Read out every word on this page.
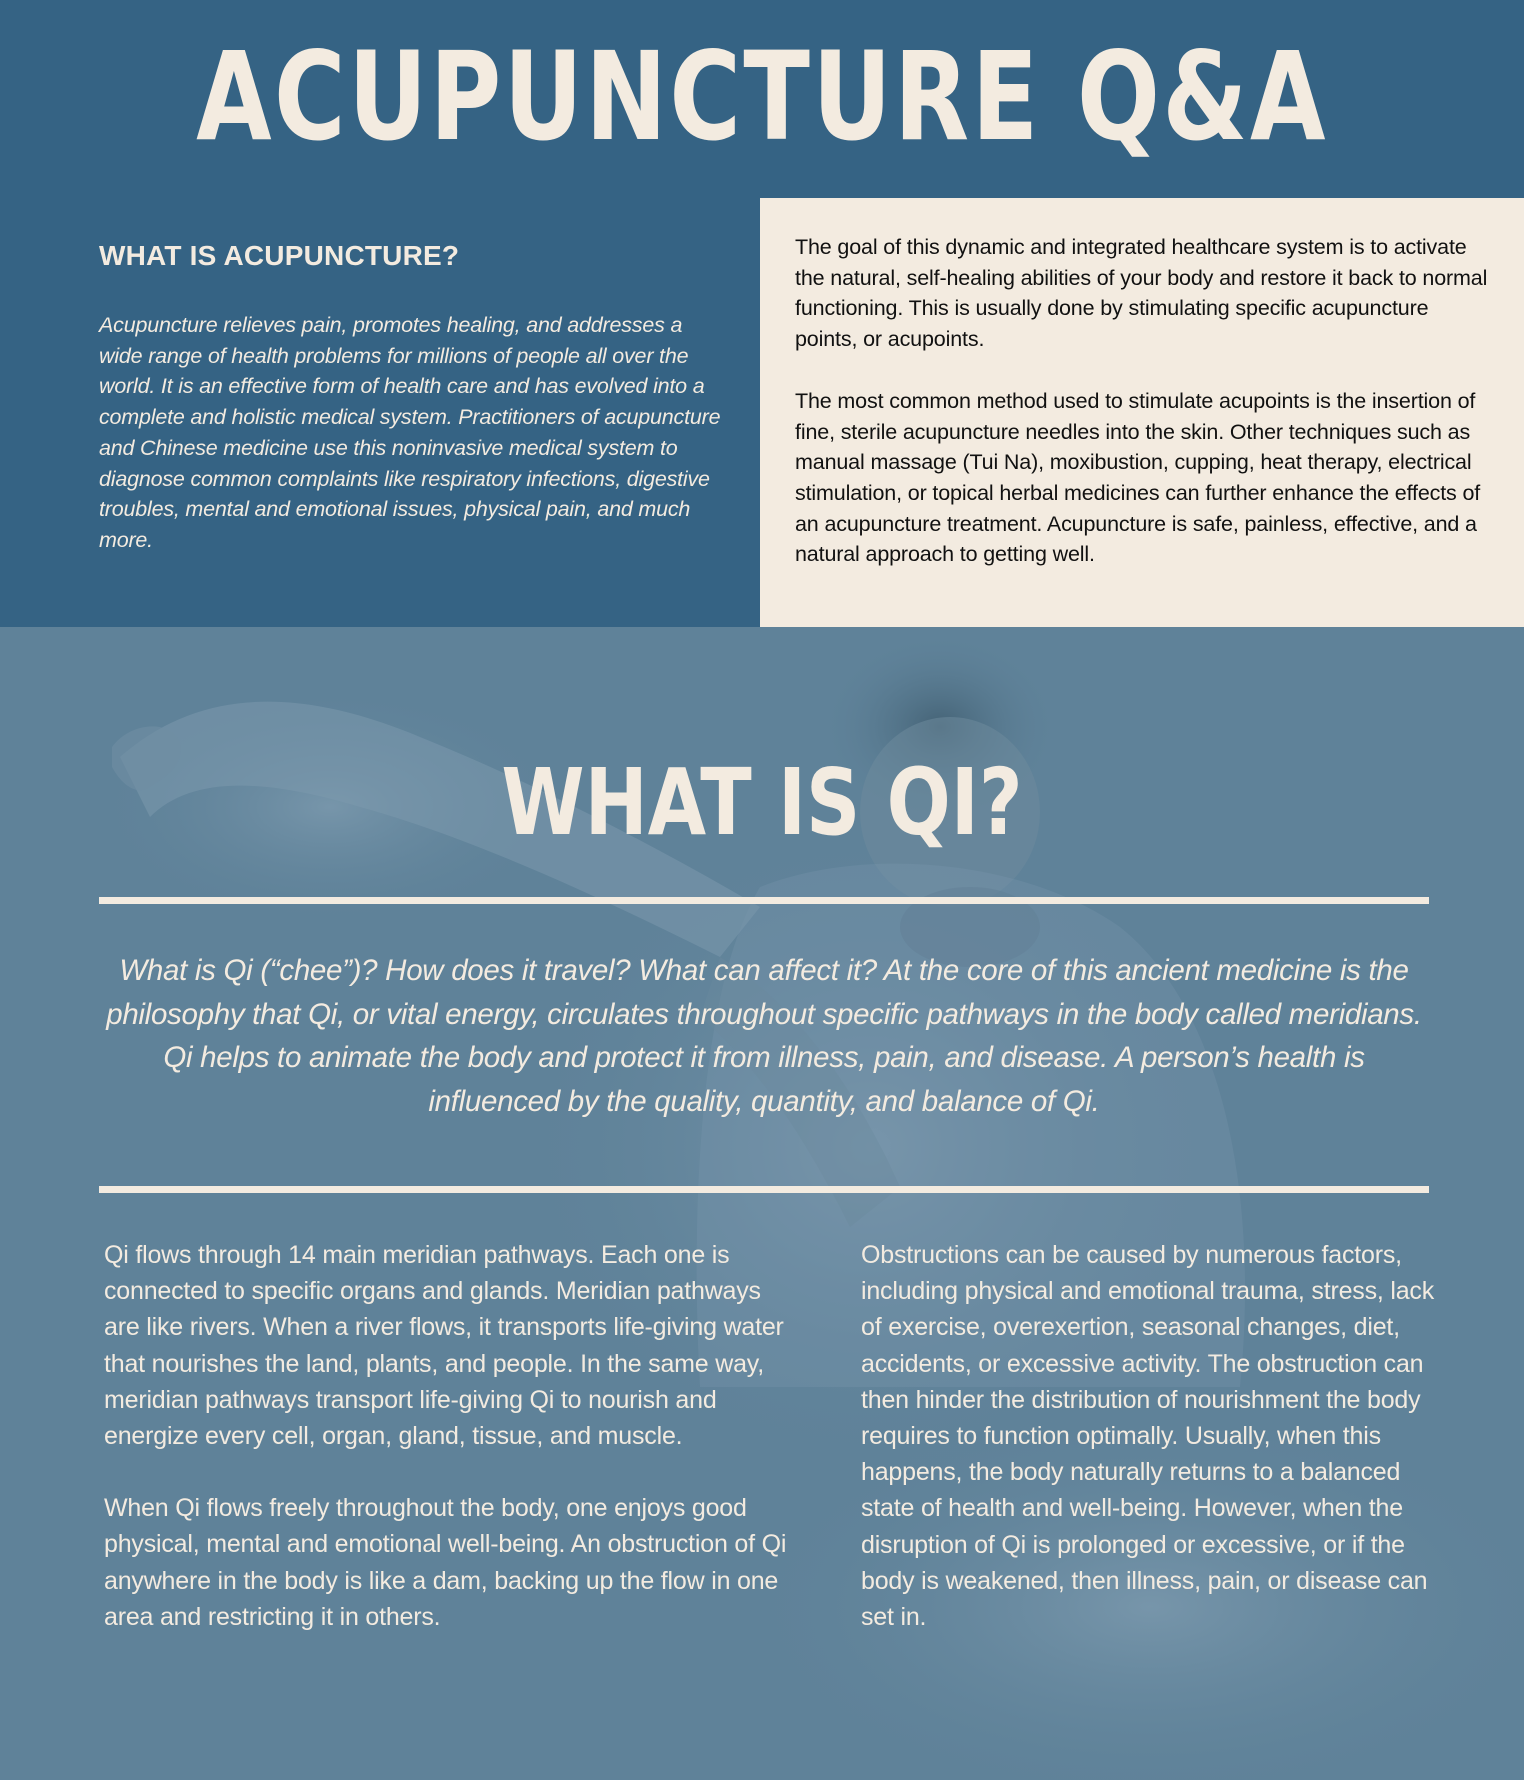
ACUPUNCTURE Q&A
WHAT IS ACUPUNCTURE?

Acupuncture relieves pain, promotes healing, and addresses a wide range of health problems for millions of people all over the world. It is an effective form of health care and has evolved into a complete and holistic medical system. Practitioners of acupuncture and Chinese medicine use this noninvasive medical system to diagnose common complaints like respiratory infections, digestive troubles, mental and emotional issues, physical pain, and much more.

The goal of this dynamic and integrated healthcare system is to activate the natural, self-healing abilities of your body and restore it back to normal functioning. This is usually done by stimulating specific acupuncture points, or acupoints.

The most common method used to stimulate acupoints is the insertion of fine, sterile acupuncture needles into the skin. Other techniques such as manual massage (Tui Na), moxibustion, cupping, heat therapy, electrical stimulation, or topical herbal medicines can further enhance the effects of an acupuncture treatment. Acupuncture is safe, painless, effective, and a natural approach to getting well.

WHAT IS QI?

What is Qi (“chee”)? How does it travel? What can affect it? At the core of this ancient medicine is the philosophy that Qi, or vital energy, circulates throughout specific pathways in the body called meridians. Qi helps to animate the body and protect it from illness, pain, and disease. A person’s health is influenced by the quality, quantity, and balance of Qi.

Qi flows through 14 main meridian pathways. Each one is connected to specific organs and glands. Meridian pathways are like rivers. When a river flows, it transports life-giving water that nourishes the land, plants, and people. In the same way, meridian pathways transport life-giving Qi to nourish and energize every cell, organ, gland, tissue, and muscle.

When Qi flows freely throughout the body, one enjoys good physical, mental and emotional well-being. An obstruction of Qi anywhere in the body is like a dam, backing up the flow in one area and restricting it in others.

Obstructions can be caused by numerous factors, including physical and emotional trauma, stress, lack of exercise, overexertion, seasonal changes, diet, accidents, or excessive activity. The obstruction can then hinder the distribution of nourishment the body requires to function optimally. Usually, when this happens, the body naturally returns to a balanced state of health and well-being. However, when the disruption of Qi is prolonged or excessive, or if the body is weakened, then illness, pain, or disease can set in.
